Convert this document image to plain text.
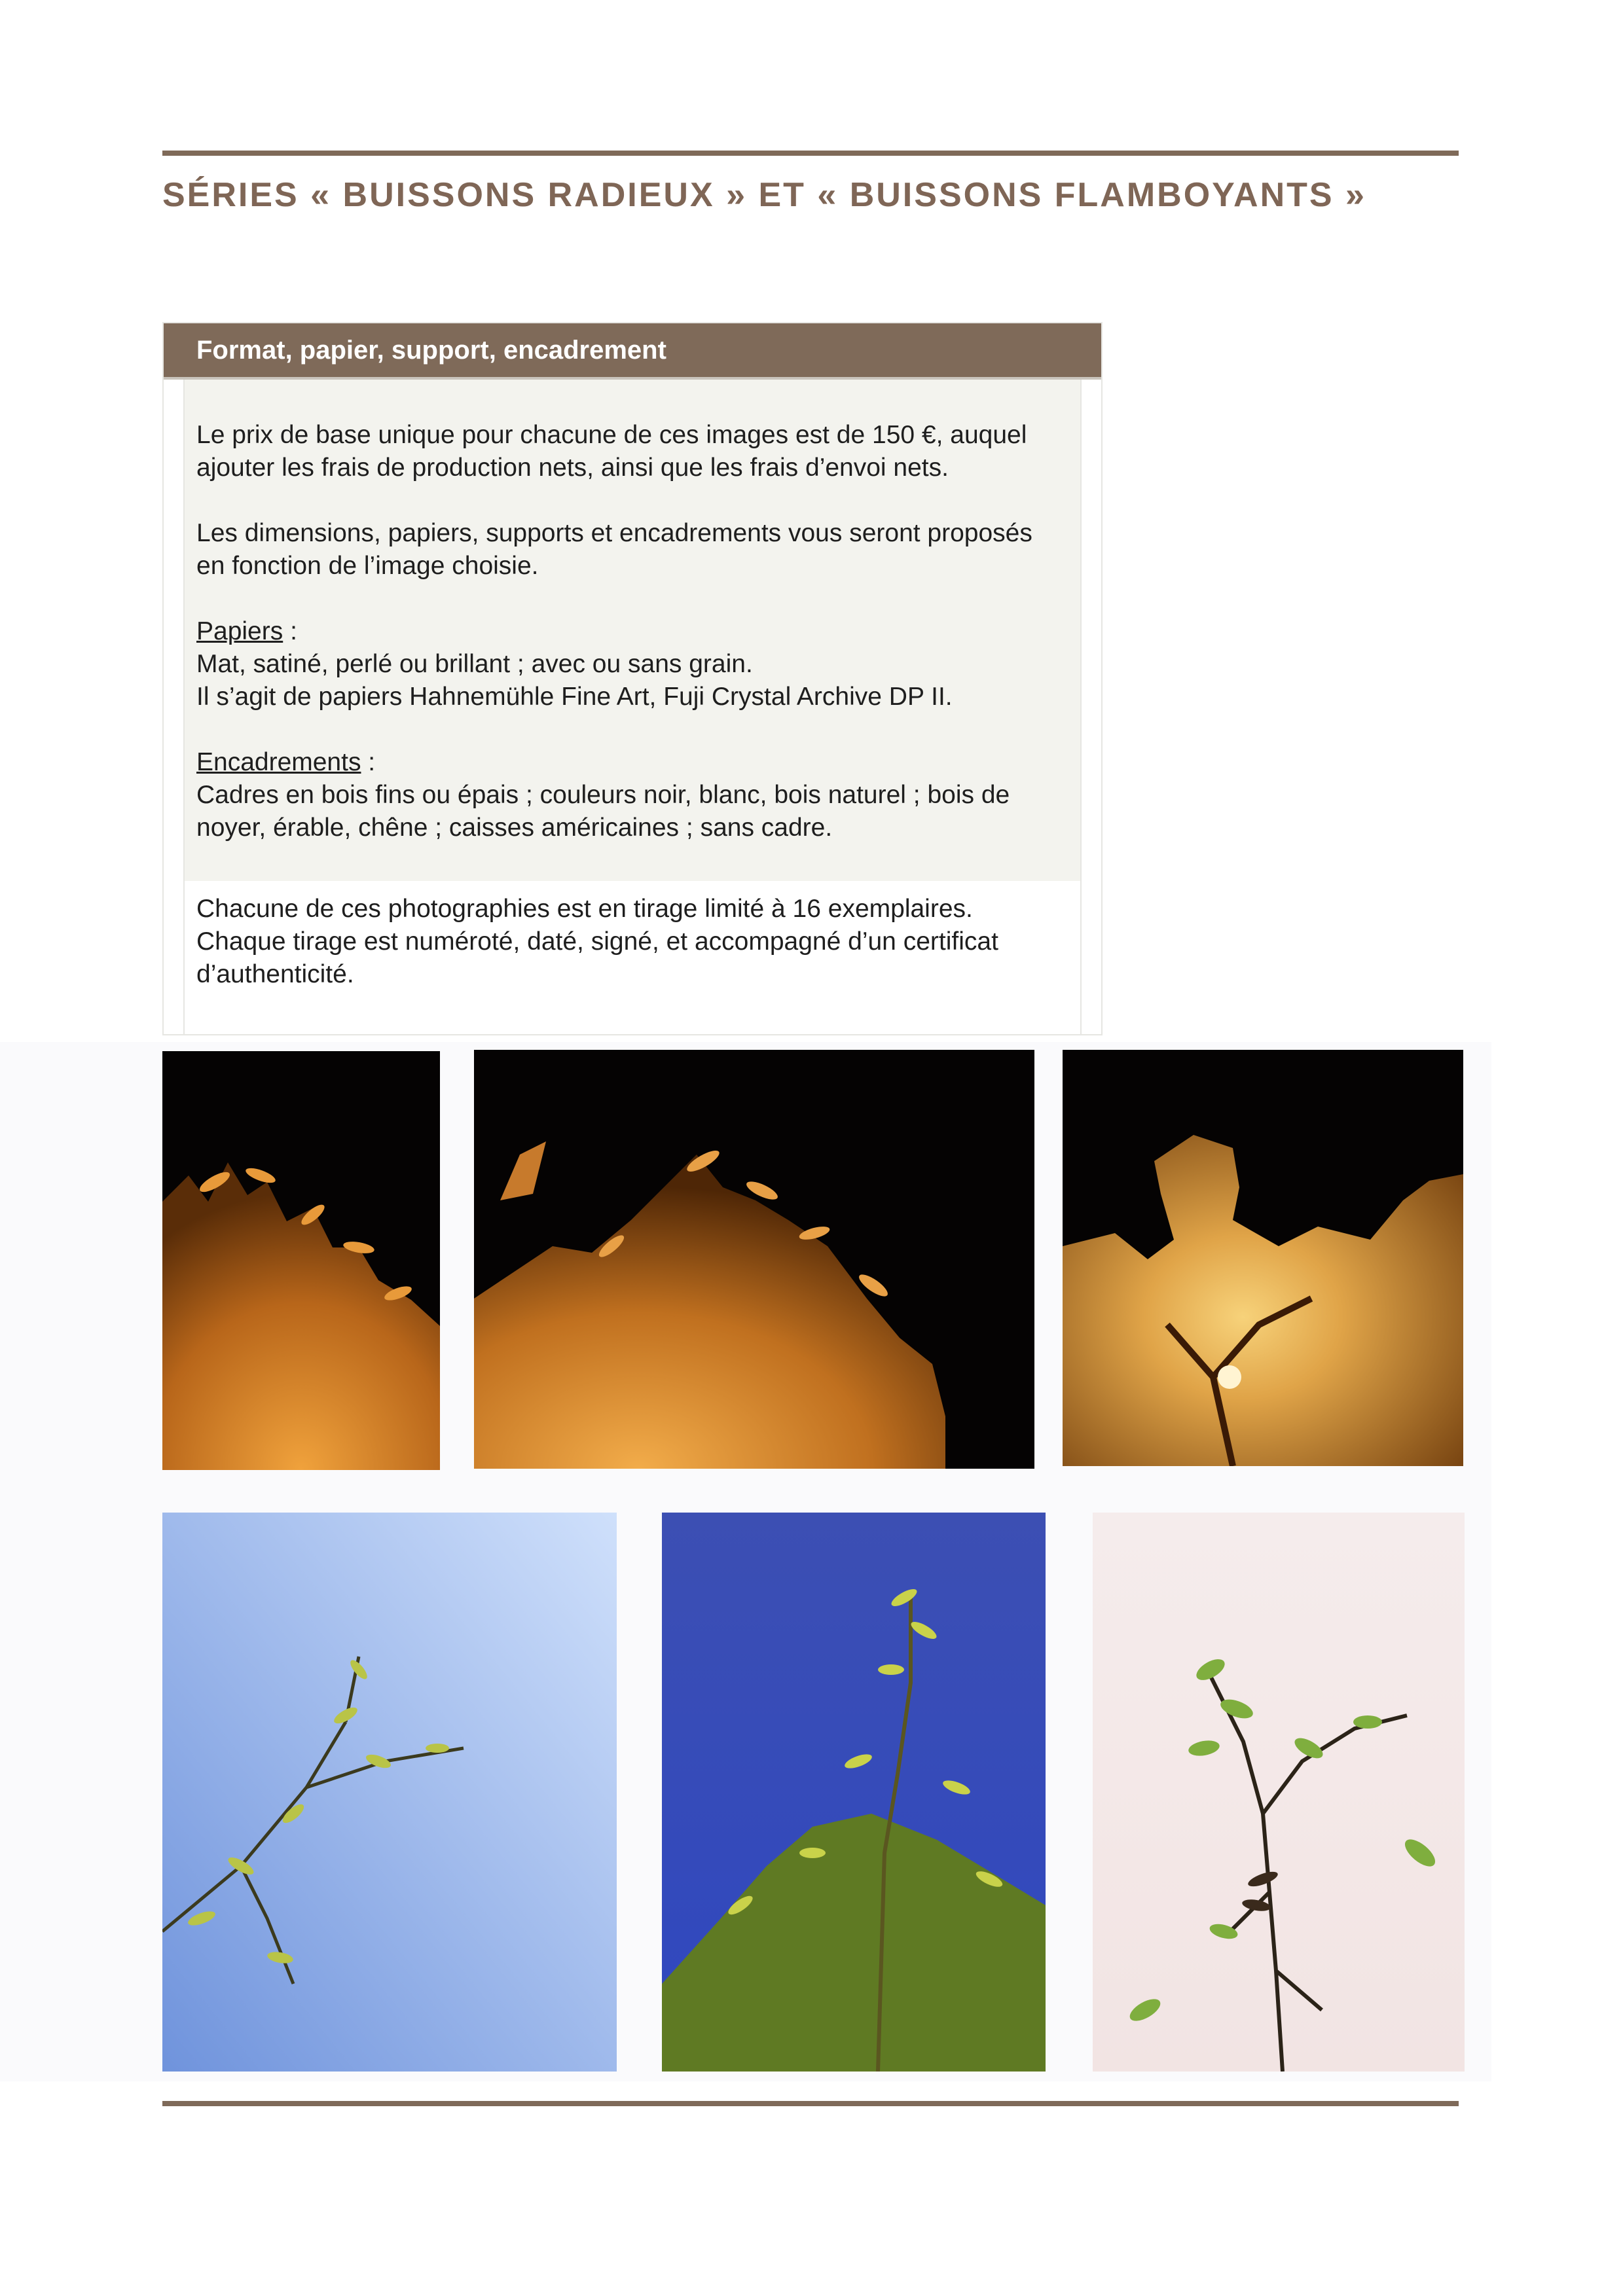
SÉRIES « BUISSONS RADIEUX » ET « BUISSONS FLAMBOYANTS »
Format, papier, support, encadrement
Le prix de base unique pour chacune de ces images est de 150 €, auquel
ajouter les frais de production nets, ainsi que les frais d’envoi nets.
Les dimensions, papiers, supports et encadrements vous seront proposés
en fonction de l’image choisie.
Papiers :
Mat, satiné, perlé ou brillant ; avec ou sans grain.
Il s’agit de papiers Hahnemühle Fine Art, Fuji Crystal Archive DP II.
Encadrements :
Cadres en bois fins ou épais ; couleurs noir, blanc, bois naturel ; bois de
noyer, érable, chêne ; caisses américaines ; sans cadre.
Chacune de ces photographies est en tirage limité à 16 exemplaires.
Chaque tirage est numéroté, daté, signé, et accompagné d’un certificat
d’authenticité.
